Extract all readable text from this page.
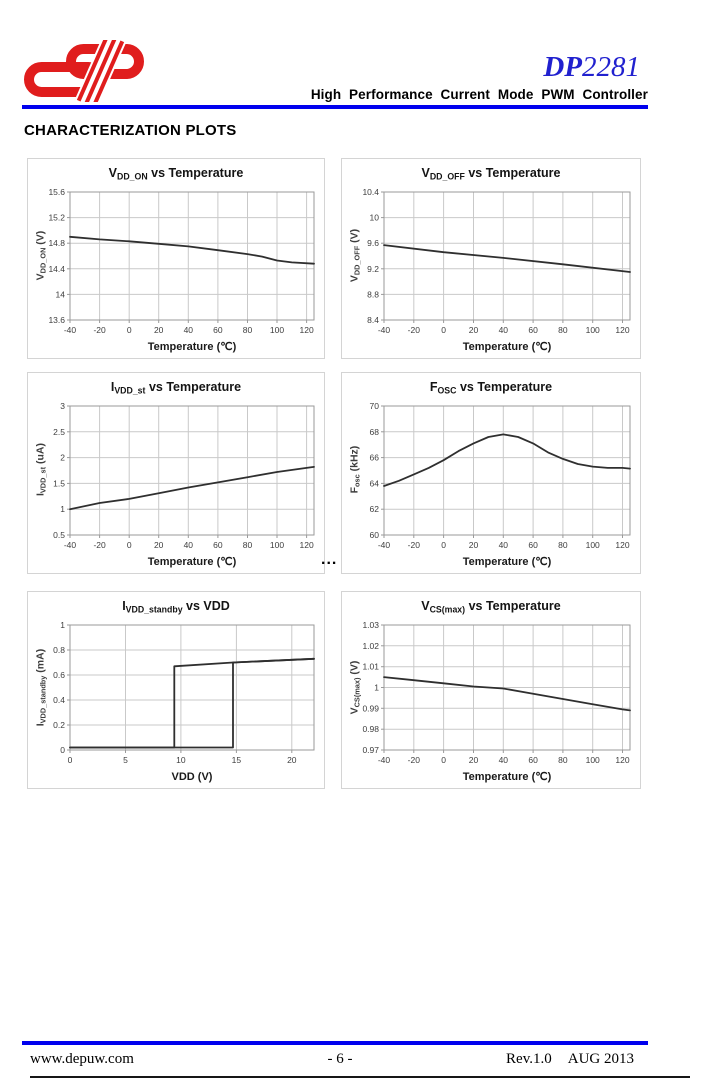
DP2281
High Performance Current Mode PWM Controller
CHARACTERIZATION PLOTS
$V_{DD\_ON}$ vs Temperature
$V_{DD\_ON}$ (V)
-40 -20 0	20 40 60 80 100 120
13.6
14
14.4
14.8
15.2
15.6
Temperature (℃)
$V_{DD\_OFF}$ vs Temperature
$V_{DD\_OFF}$ (V)
-40 -20	0	20 40 60 80 100 120
8.4
8.8
9.2
9.6
10
10.4
Temperature (℃)
$I_{VDD\_st}$ vs Temperature
$I_{VDD\_st}$ (uA)
-40 -20 0	20 40 60 80 100 120
0.5
1
1.5
2
2.5
3
Temperature (℃)
$F_{OSC}$ vs Temperature
$F_{osc}$ (kHz)
-40 -20	0	20 40 60 80 100 120
60
62
64
66
68
70
Temperature (℃)
...
$I_{VDD\_standby}$ vs VDD
$I_{VDD\_standby}$ (mA)
0	5	10	15	20
0
0.2
0.4
0.6
0.8
1
VDD (V)
$V_{CS(max)}$ vs Temperature
$V_{CS(max)}$ (V)
-40 -20	0	20 40 60 80 100 120
0.97
0.98
0.99
1
1.01
1.02
1.03
Temperature (℃)
www.depuw.com	- 6 -	Rev.1.0 AUG 2013
